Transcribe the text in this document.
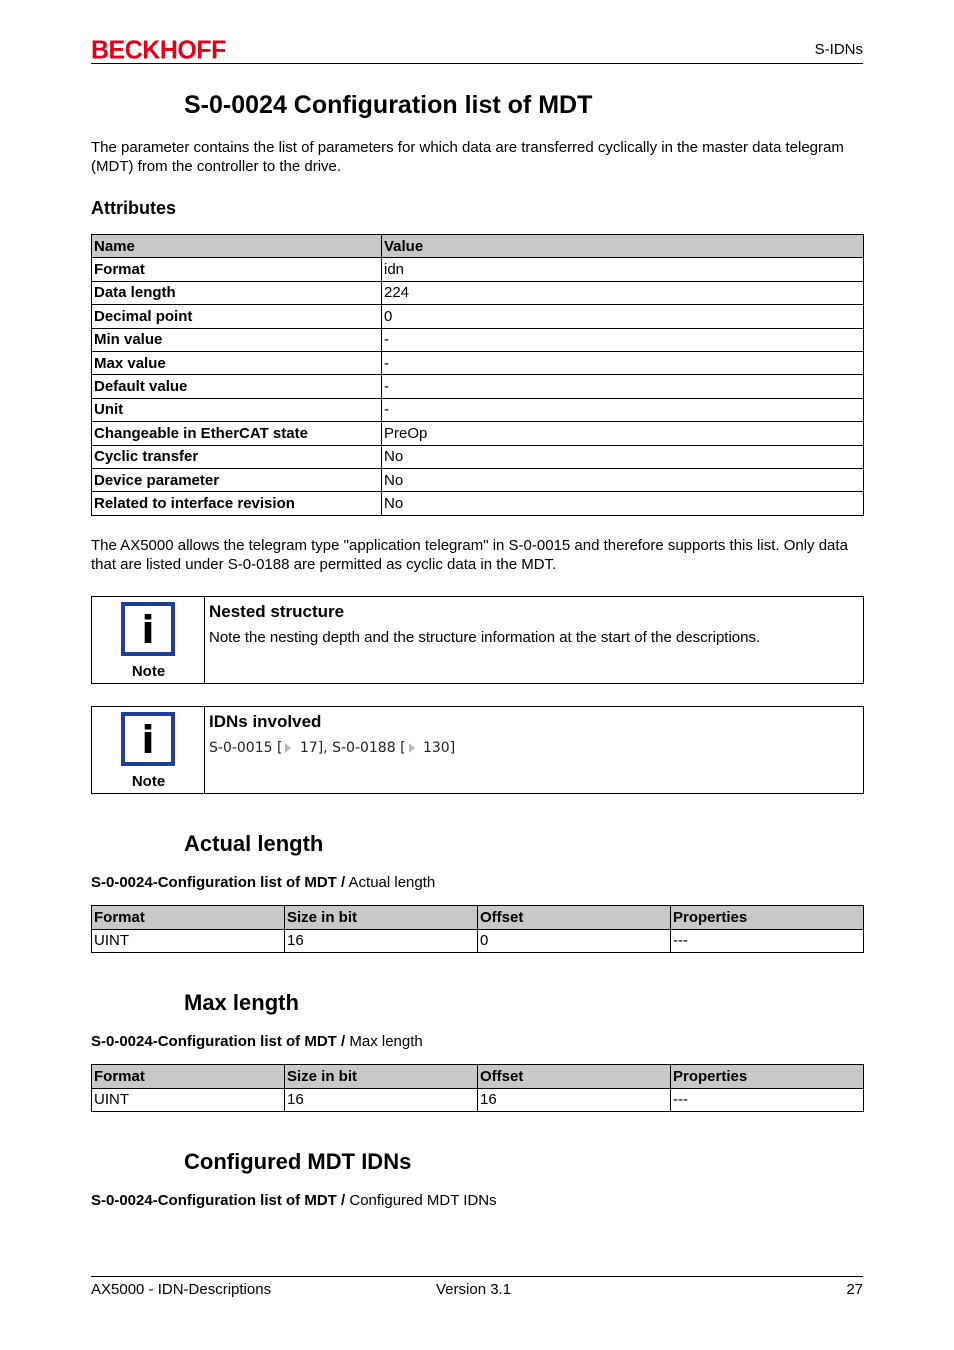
BECKHOFF	S-IDNs
S-0-0024 Configuration list of MDT

The parameter contains the list of parameters for which data are transferred cyclically in the master data telegram (MDT) from the controller to the drive.

Attributes
Name	Value
Format	idn
Data length	224
Decimal point	0
Min value	-
Max value	-
Default value	-
Unit	-
Changeable in EtherCAT state	PreOp
Cyclic transfer	No
Device parameter	No
Related to interface revision	No

The AX5000 allows the telegram type "application telegram" in S-0-0015 and therefore supports this list. Only data that are listed under S-0-0188 are permitted as cyclic data in the MDT.

i
Note
Nested structure
Note the nesting depth and the structure information at the start of the descriptions.
i
Note
IDNs involved
S-0-0015 [ 17], S-0-0188 [ 130]
Actual length
S-0-0024-Configuration list of MDT / Actual length
Format	Size in bit	Offset	Properties
UINT	16	0	---
Max length
S-0-0024-Configuration list of MDT / Max length
Format	Size in bit	Offset	Properties
UINT	16	16	---
Configured MDT IDNs
S-0-0024-Configuration list of MDT / Configured MDT IDNs
AX5000 - IDN-Descriptions	Version 3.1	27
